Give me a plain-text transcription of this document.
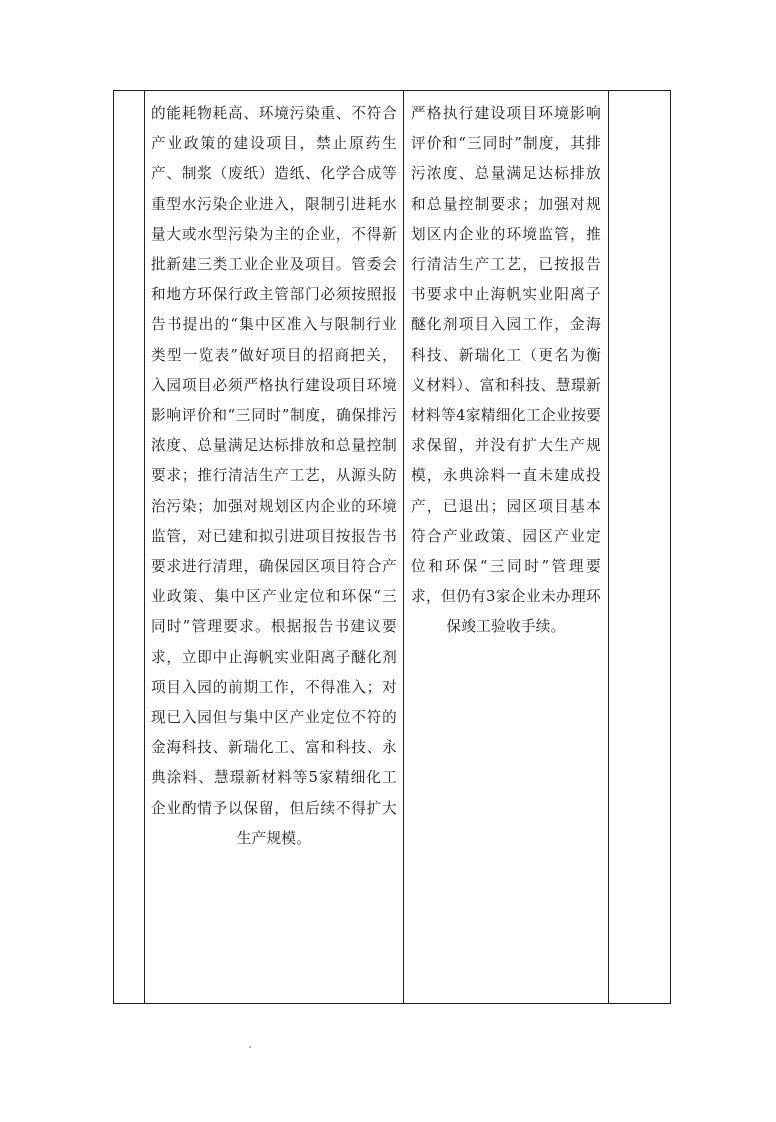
的能耗物耗高、环境污染重、不符合产业政策的建设项目，禁止原药生产、制浆（废纸）造纸、化学合成等重型水污染企业进入，限制引进耗水量大或水型污染为主的企业，不得新批新建三类工业企业及项目。管委会和地方环保行政主管部门必须按照报告书提出的“集中区准入与限制行业类型一览表”做好项目的招商把关，入园项目必须严格执行建设项目环境影响评价和“三同时”制度，确保排污浓度、总量满足达标排放和总量控制要求；推行清洁生产工艺，从源头防治污染；加强对规划区内企业的环境监管，对已建和拟引进项目按报告书要求进行清理，确保园区项目符合产业政策、集中区产业定位和环保“三同时”管理要求。根据报告书建议要求，立即中止海帆实业阳离子醚化剂项目入园的前期工作，不得准入；对现已入园但与集中区产业定位不符的金海科技、新瑞化工、富和科技、永典涂料、慧璟新材料等5家精细化工企业酌情予以保留，但后续不得扩大生产规模。

严格执行建设项目环境影响评价和“三同时”制度，其排污浓度、总量满足达标排放和总量控制要求；加强对规划区内企业的环境监管，推行清洁生产工艺，已按报告书要求中止海帆实业阳离子醚化剂项目入园工作，金海科技、新瑞化工（更名为衡义材料）、富和科技、慧璟新材料等4家精细化工企业按要求保留，并没有扩大生产规模，永典涂料一直未建成投产，已退出；园区项目基本符合产业政策、园区产业定位和环保“三同时”管理要求，但仍有3家企业未办理环保竣工验收手续。
